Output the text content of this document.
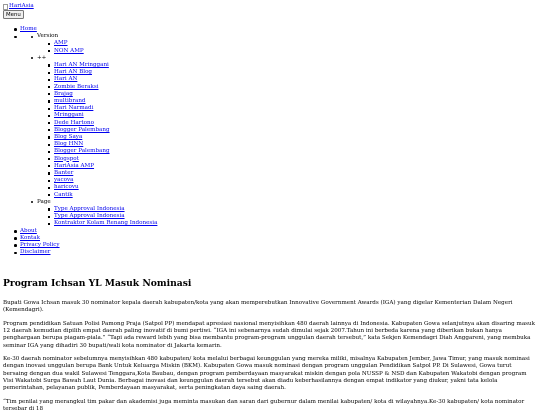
HariAsia
Menu
Home
Version
AMP
NON AMP
++
Hari AN Mringgani
Hari AN Blog
Hari AN
Zombie Beraksi
Brajag
multibrand
Hari Narmadi
Mringgani
Dede Hartono
Blogger Palembang
Blog Saya
Blog HNN
Blogger Palembang
Blogspot
HariAsia AMP
Banter
yacova
haricovu
Cantik
Page
Type Approval Indonesia
Type Approval Indonesia
Kontraktor Kolam Renang Indonesia
About
Kontak
Privacy Policy
Disclaimer
Program Ichsan YL Masuk Nominasi

Bupati Gowa Ichsan masuk 30 nominator kepala daerah kabupaten/kota yang akan memperebutkan Innovative Government Awards (IGA) yang digelar Kementerian Dalam Negeri (Kemendagri).

Program pendidikan Satuan Polisi Pamong Praja (Satpol PP) mendapat apresiasi nasional menyisihkan 480 daerah lainnya di Indonesia. Kabupaten Gowa selanjutnya akan disaring masuk 12 daerah kemudian dipilih empat daerah paling inovatif di bumi pertiwi. “IGA ini sebenarnya sudah dimulai sejak 2007.Tahun ini berbeda karena yang diberikan bukan hanya penghargaan berupa piagam-piala.” “Tapi ada reward lebih yang bisa membantu program-program unggulan daerah tersebut,” kata Sekjen Kemendagri Diah Anggareni, yang membuka seminar IGA yang dihadiri 30 bupati/wali kota nominator di Jakarta kemarin.

Ke-30 daerah nominator sebelumnya menyisihkan 480 kabupaten/ kota melalui berbagai keunggulan yang mereka miliki, misalnya Kabupaten Jember, Jawa Timur, yang masuk nominasi dengan inovasi unggulan berupa Bank Untuk Keluarga Miskin (BKM). Kabupaten Gowa masuk nominasi dengan program unggulan Pendidikan Satpol PP. Di Sulawesi, Gowa turut bersaing dengan dua wakil Sulawesi Tenggara,Kota Baubau, dengan program pemberdayaan masyarakat miskin dengan pola NUSSP & NSD dan Kabupaten Wakatobi dengan program Visi Wakatobi Surga Bawah Laut Dunia. Berbagai inovasi dan keunggulan daerah tersebut akan diadu keberhasilannya dengan empat indikator yang diukur, yakni tata kelola pemerintahan, pelayanan publik, Pemberdayaan masyarakat, serta peningkatan daya saing daerah.

“Tim penilai yang merangkul tim pakar dan akademisi juga meminta masukan dan saran dari gubernur dalam menilai kabupaten/ kota di wilayahnya.Ke-30 kabupaten/ kota nominator tersebar di 18
